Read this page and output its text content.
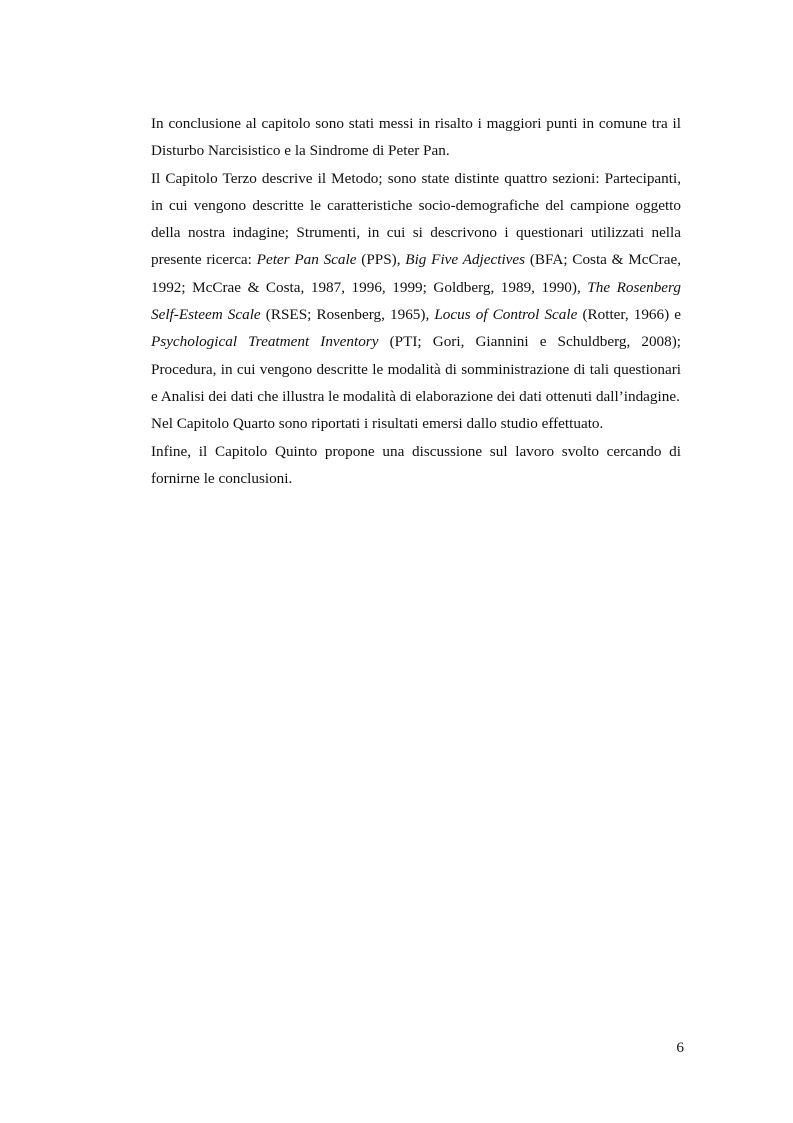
In conclusione al capitolo sono stati messi in risalto i maggiori punti in comune tra il Disturbo Narcisistico e la Sindrome di Peter Pan.

Il Capitolo Terzo descrive il Metodo; sono state distinte quattro sezioni: Partecipanti, in cui vengono descritte le caratteristiche socio-demografiche del campione oggetto della nostra indagine; Strumenti, in cui si descrivono i questionari utilizzati nella presente ricerca: Peter Pan Scale (PPS), Big Five Adjectives (BFA; Costa & McCrae, 1992; McCrae & Costa, 1987, 1996, 1999; Goldberg, 1989, 1990), The Rosenberg Self-Esteem Scale (RSES; Rosenberg, 1965), Locus of Control Scale (Rotter, 1966) e Psychological Treatment Inventory (PTI; Gori, Giannini e Schuldberg, 2008); Procedura, in cui vengono descritte le modalità di somministrazione di tali questionari e Analisi dei dati che illustra le modalità di elaborazione dei dati ottenuti dall’indagine.

Nel Capitolo Quarto sono riportati i risultati emersi dallo studio effettuato.

Infine, il Capitolo Quinto propone una discussione sul lavoro svolto cercando di fornirne le conclusioni.

6
